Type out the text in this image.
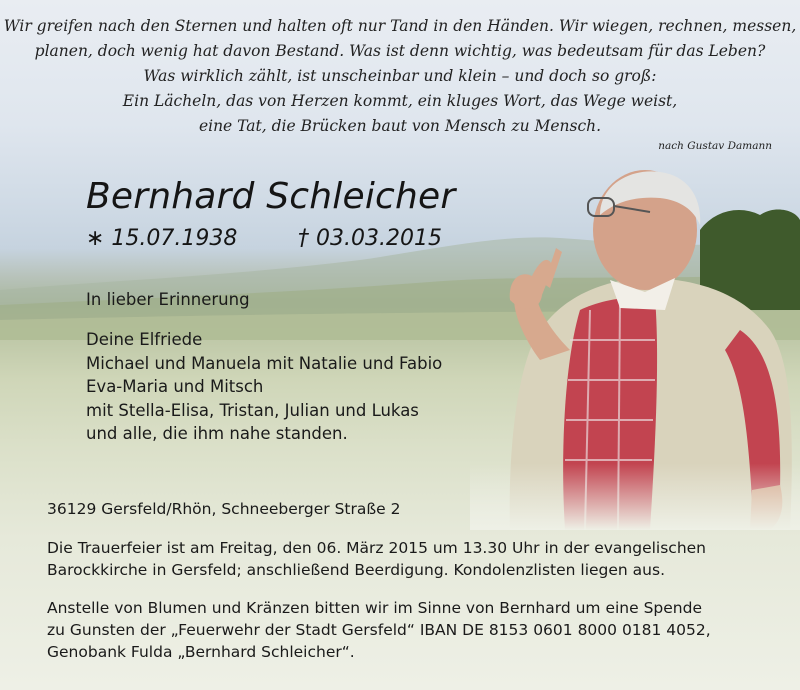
Wir greifen nach den Sternen und halten oft nur Tand in den Händen. Wir wiegen, rechnen, messen,
planen, doch wenig hat davon Bestand. Was ist denn wichtig, was bedeutsam für das Leben?
Was wirklich zählt, ist unscheinbar und klein – und doch so groß:
Ein Lächeln, das von Herzen kommt, ein kluges Wort, das Wege weist,
eine Tat, die Brücken baut von Mensch zu Mensch.
nach Gustav Damann
Bernhard Schleicher
∗ 15.07.1938	† 03.03.2015
In lieber Erinnerung
Deine Elfriede
Michael und Manuela mit Natalie und Fabio
Eva-Maria und Mitsch
mit Stella-Elisa, Tristan, Julian und Lukas
und alle, die ihm nahe standen.
36129 Gersfeld/Rhön, Schneeberger Straße 2
Die Trauerfeier ist am Freitag, den 06. März 2015 um 13.30 Uhr in der evangelischen
Barockkirche in Gersfeld; anschließend Beerdigung. Kondolenzlisten liegen aus.
Anstelle von Blumen und Kränzen bitten wir im Sinne von Bernhard um eine Spende
zu Gunsten der „Feuerwehr der Stadt Gersfeld“ IBAN DE 8153 0601 8000 0181 4052,
Genobank Fulda „Bernhard Schleicher“.
